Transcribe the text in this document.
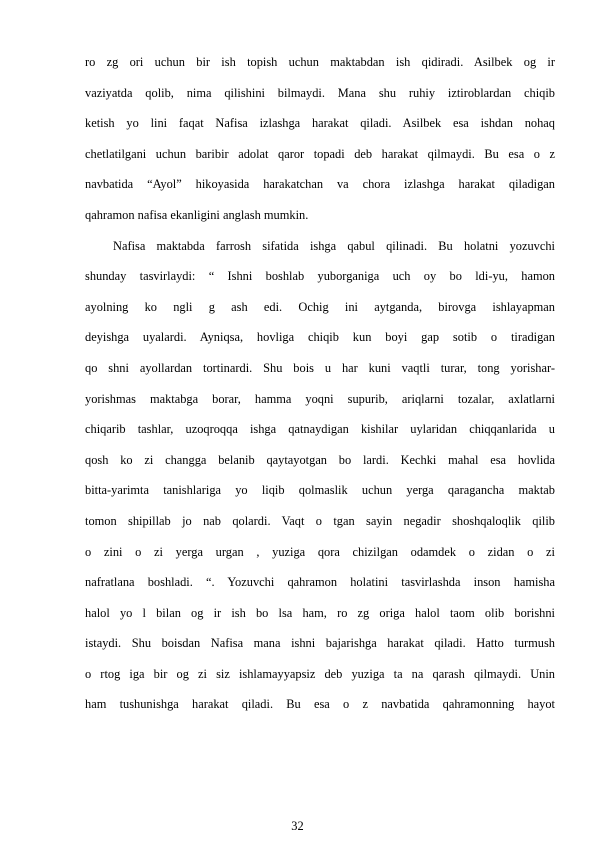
ro zg ori uchun bir ish topish uchun maktabdan ish qidiradi. Asilbek og ir
vaziyatda qolib, nima qilishini bilmaydi. Mana shu ruhiy iztiroblardan chiqib
ketish yo lini faqat Nafisa izlashga harakat qiladi. Asilbek esa ishdan nohaq
chetlatilgani uchun baribir adolat qaror topadi deb harakat qilmaydi. Bu esa o z
navbatida “Ayol” hikoyasida harakatchan va chora izlashga harakat qiladigan
qahramon nafisa ekanligini anglash mumkin.
Nafisa maktabda farrosh sifatida ishga qabul qilinadi. Bu holatni yozuvchi
shunday tasvirlaydi: “ Ishni boshlab yuborganiga uch oy bo ldi-yu, hamon
ayolning ko ngli g ash edi. Ochig ini aytganda, birovga ishlayapman
deyishga uyalardi. Ayniqsa, hovliga chiqib kun boyi gap sotib o tiradigan
qo shni ayollardan tortinardi. Shu bois u har kuni vaqtli turar, tong yorishar-
yorishmas maktabga borar, hamma yoqni supurib, ariqlarni tozalar, axlatlarni
chiqarib tashlar, uzoqroqqa ishga qatnaydigan kishilar uylaridan chiqqanlarida u
qosh ko zi changga belanib qaytayotgan bo lardi. Kechki mahal esa hovlida
bitta-yarimta tanishlariga yo liqib qolmaslik uchun yerga qaragancha maktab
tomon shipillab jo nab qolardi. Vaqt o tgan sayin negadir shoshqaloqlik qilib
o zini o zi yerga urgan , yuziga qora chizilgan odamdek o zidan o zi
nafratlana boshladi. “. Yozuvchi qahramon holatini tasvirlashda inson hamisha
halol yo l bilan og ir ish bo lsa ham, ro zg origa halol taom olib borishni
istaydi. Shu boisdan Nafisa mana ishni bajarishga harakat qiladi. Hatto turmush
o rtog iga bir og zi siz ishlamayyapsiz deb yuziga ta na qarash qilmaydi. Unin
ham tushunishga harakat qiladi. Bu esa o z navbatida qahramonning hayot
32
